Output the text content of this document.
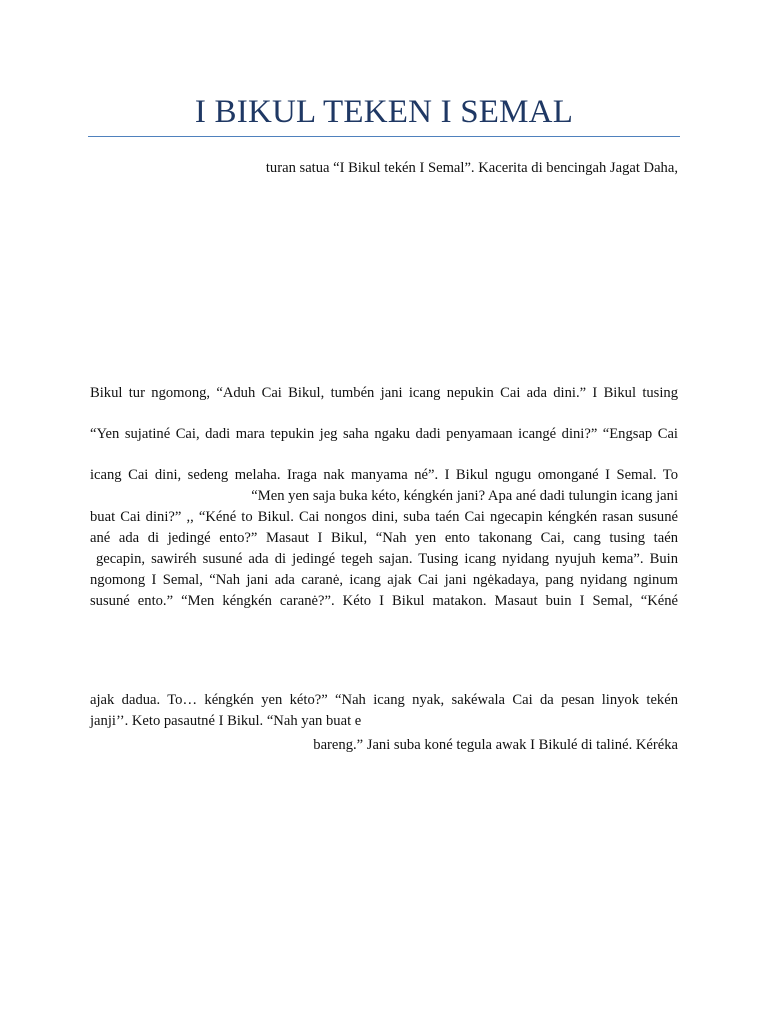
I BIKUL TEKEN I SEMAL
turan satua “I Bikul tekén I Semal”. Kacerita di bencingah Jagat Daha,
Bikul tur ngomong, “Aduh Cai Bikul, tumbén jani icang nepukin Cai ada dini.” I Bikul tusing
“Yen sujatiné Cai, dadi mara tepukin jeg saha ngaku dadi penyamaan icangé dini?” “Engsap Cai
icang Cai dini, sedeng melaha. Iraga nak manyama né”. I Bikul ngugu omongané I Semal. To
“Men yen saja buka kéto, kéngkén jani? Apa ané dadi tulungin icang jani
buat Cai dini?” ,, “Kéné to Bikul. Cai nongos dini, suba taén Cai ngecapin kéngkén rasan susuné
ané ada di jedingé ento?” Masaut I Bikul, “Nah yen ento takonang Cai, cang tusing taén
gecapin, sawiréh susuné ada di jedingé tegeh sajan. Tusing icang nyidang nyujuh kema”. Buin
ngomong I Semal, “Nah jani ada caranė, icang ajak Cai jani ngėkadaya, pang nyidang nginum
susuné ento.” “Men kéngkén caranė?”. Kéto I Bikul matakon. Masaut buin I Semal, “Kéné
ajak dadua. To… kéngkén yen kéto?” “Nah icang nyak, sakéwala Cai da pesan linyok tekén
janji’’. Keto pasautné I Bikul. “Nah yan buat e
bareng.” Jani suba koné tegula awak I Bikulé di taliné. Kéréka
